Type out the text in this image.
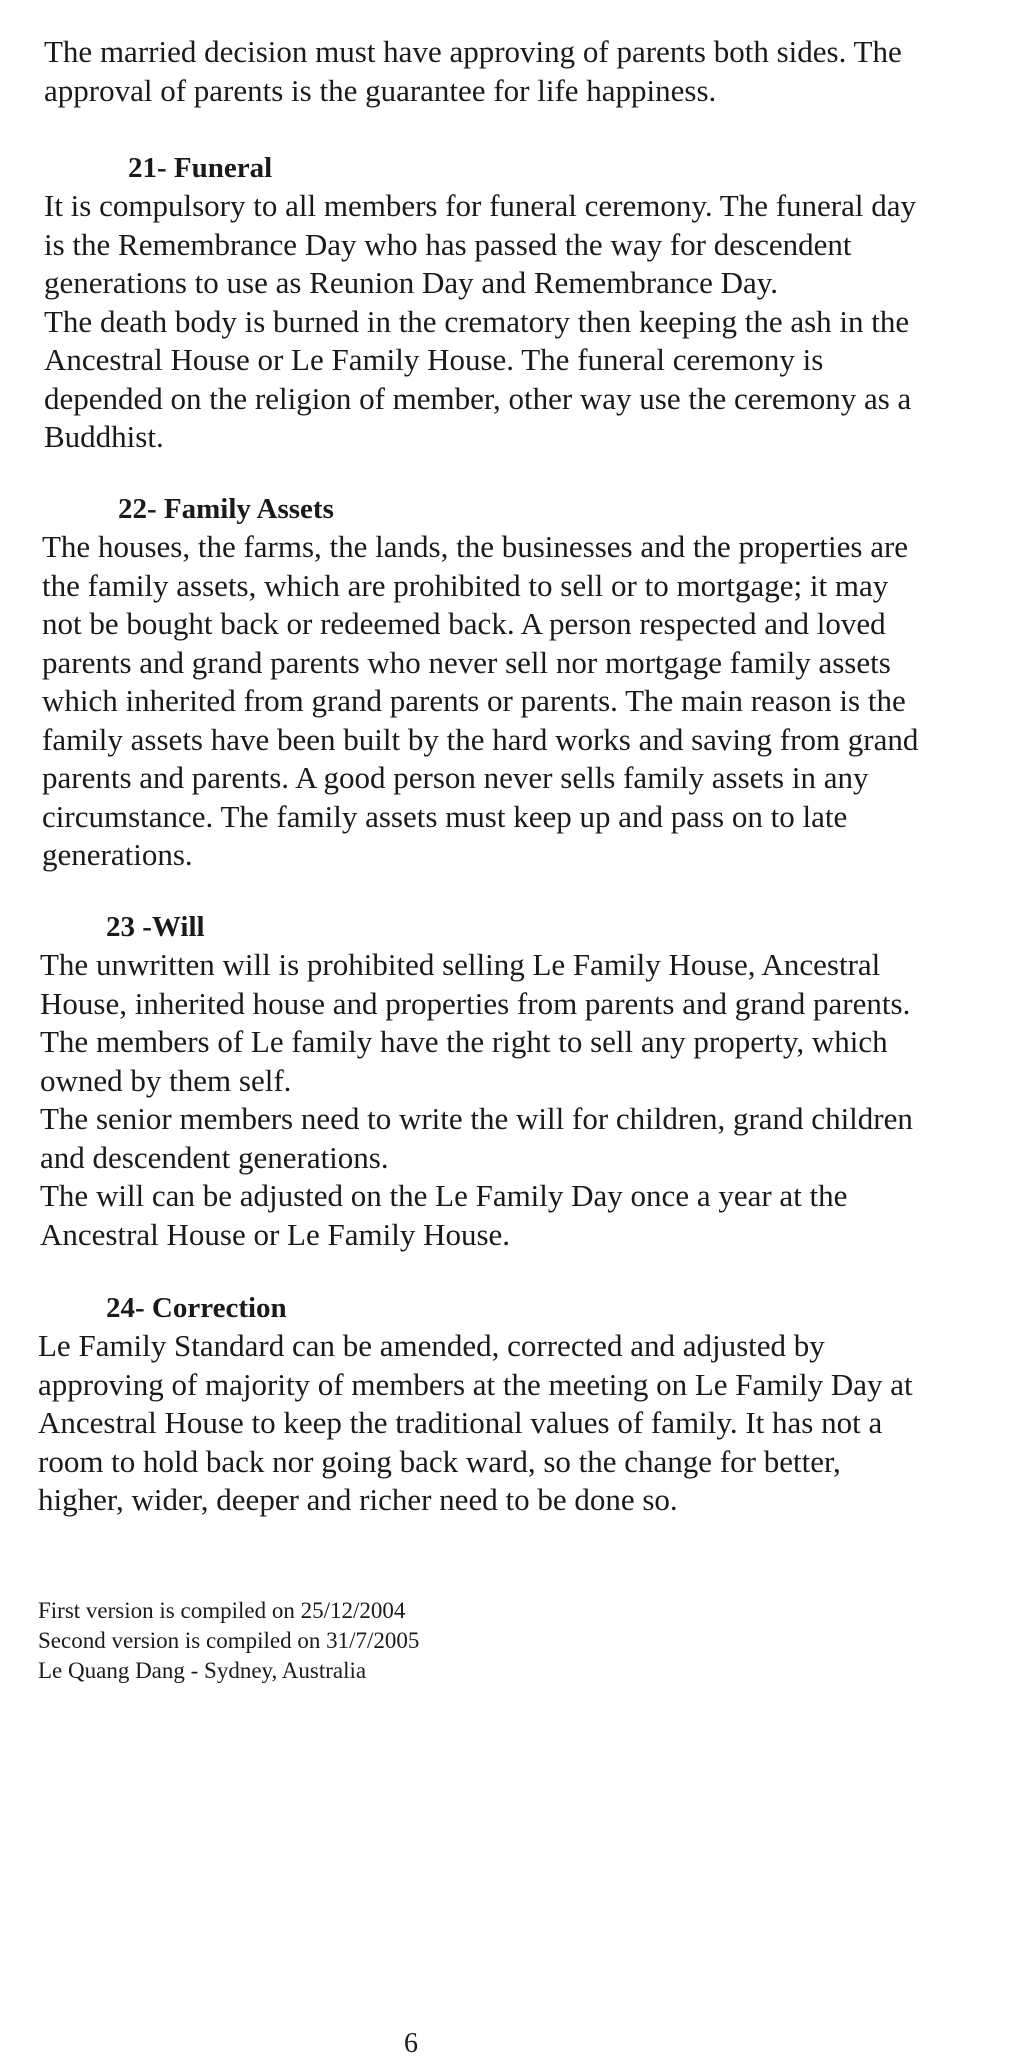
The married decision must have approving of parents both sides. The
approval of parents is the guarantee for life happiness.

21- Funeral

It is compulsory to all members for funeral ceremony. The funeral day
is the Remembrance Day who has passed the way for descendent
generations to use as Reunion Day and Remembrance Day.
The death body is burned in the crematory then keeping the ash in the
Ancestral House or Le Family House. The funeral ceremony is
depended on the religion of member, other way use the ceremony as a
Buddhist.

22- Family Assets

The houses, the farms, the lands, the businesses and the properties are
the family assets, which are prohibited to sell or to mortgage; it may
not be bought back or redeemed back. A person respected and loved
parents and grand parents who never sell nor mortgage family assets
which inherited from grand parents or parents. The main reason is the
family assets have been built by the hard works and saving from grand
parents and parents. A good person never sells family assets in any
circumstance. The family assets must keep up and pass on to late
generations.

23 -Will

The unwritten will is prohibited selling Le Family House, Ancestral
House, inherited house and properties from parents and grand parents.
The members of Le family have the right to sell any property, which
owned by them self.
The senior members need to write the will for children, grand children
and descendent generations.
The will can be adjusted on the Le Family Day once a year at the
Ancestral House or Le Family House.

24- Correction

Le Family Standard can be amended, corrected and adjusted by
approving of majority of members at the meeting on Le Family Day at
Ancestral House to keep the traditional values of family. It has not a
room to hold back nor going back ward, so the change for better,
higher, wider, deeper and richer need to be done so.

First version is compiled on 25/12/2004

Second version is compiled on 31/7/2005

Le Quang Dang - Sydney, Australia

6
